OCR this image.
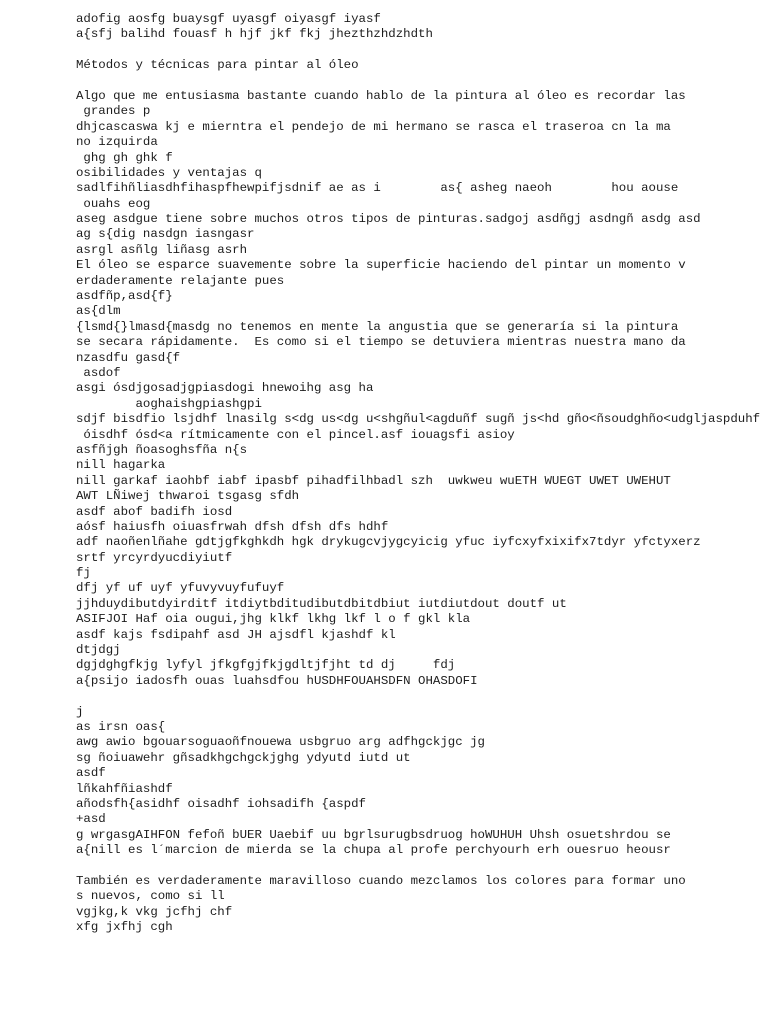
adofig aosfg buaysgf uyasgf oiyasgf iyasf
a{sfj balihd fouasf h hjf jkf fkj jhezthzhdzhdth
Métodos y técnicas para pintar al óleo
Algo que me entusiasma bastante cuando hablo de la pintura al óleo es recordar las
grandes p
dhjcascaswa kj e mierntra el pendejo de mi hermano se rasca el traseroa cn la ma
no izquirda
ghg gh ghk f
osibilidades y ventajas q
sadlfihñliasdhfihaspfhewpifjsdnif ae as i        as{ asheg naeoh        hou aouse
ouahs eog
aseg asdgue tiene sobre muchos otros tipos de pinturas.sadgoj asdñgj asdngñ asdg asd
ag s{dig nasdgn iasngasr
asrgl asñlg liñasg asrh
El óleo se esparce suavemente sobre la superficie haciendo del pintar un momento v
erdaderamente relajante pues
asdfñp,asd{f}
as{dlm
{lsmd{}lmasd{masdg no tenemos en mente la angustia que se generaría si la pintura
se secara rápidamente.  Es como si el tiempo se detuviera mientras nuestra mano da
nzasdfu gasd{f
asdof
asgi ósdjgosadjgpiasdogi hnewoihg asg ha
aoghaishgpiashgpi
sdjf bisdfio lsjdhf lnasilg s<dg us<dg u<shgñul<agduñf sugñ js<hd gño<ñsoudghño<udgljaspduhf
óisdhf ósd<a rítmicamente con el pincel.asf iouagsfi asioy
asfñjgh ñoasoghsfña n{s
nill hagarka
nill garkaf iaohbf iabf ipasbf pihadfilhbadl szh  uwkweu wuETH WUEGT UWET UWEHUT
AWT LÑiwej thwaroi tsgasg sfdh
asdf abof badifh iosd
aósf haiusfh oiuasfrwah dfsh dfsh dfs hdhf
adf naoñenlñahe gdtjgfkghkdh hgk drykugcvjygcyicig yfuc iyfcxyfxixifx7tdyr yfctyxerz
srtf yrcyrdyucdiyiutf
fj
dfj yf uf uyf yfuvyvuyfufuyf
jjhduydibutdyirditf itdiytbditudibutdbitdbiut iutdiutdout doutf ut
ASIFJOI Haf oia ougui,jhg klkf lkhg lkf l o f gkl kla
asdf kajs fsdipahf asd JH ajsdfl kjashdf kl
dtjdgj
dgjdghgfkjg lyfyl jfkgfgjfkjgdltjfjht td dj     fdj
a{psijo iadosfh ouas luahsdfou hUSDHFOUAHSDFN OHASDOFI
j
as irsn oas{
awg awio bgouarsoguaoñfnouewa usbgruo arg adfhgckjgc jg
sg ñoiuawehr gñsadkhgchgckjghg ydyutd iutd ut
asdf
lñkahfñiashdf
añodsfh{asidhf oisadhf iohsadifh {aspdf
+asd
g wrgasgAIHFON fefoñ bUER Uaebif uu bgrlsurugbsdruog hoWUHUH Uhsh osuetshrdou se
a{nill es l´marcion de mierda se la chupa al profe perchyourh erh ouesruo heousr
También es verdaderamente maravilloso cuando mezclamos los colores para formar uno
s nuevos, como si ll
vgjkg,k vkg jcfhj chf
xfg jxfhj cgh
